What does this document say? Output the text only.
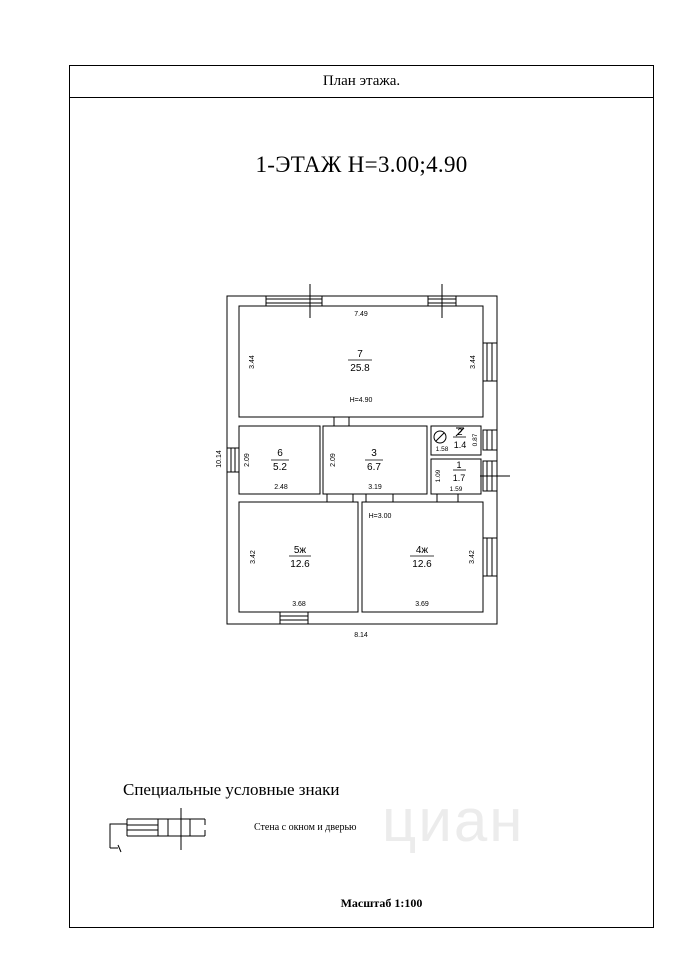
циан
План этажа.
1-ЭТАЖ Н=3.00;4.90
Специальные условные знаки
Стена с окном и дверью
Масштаб 1:100
8.14
10.14
7.49
7
25.8
3.44	3.44
Н=4.90
6
5.2
2.09
2.48
3
6.7
2.09
3.19
2
1.4
1.58
0.87
1
1.7
1.09
1.59
5ж
12.6
3.42
3.68
4ж
12.6
3.42
3.69
Н=3.00
